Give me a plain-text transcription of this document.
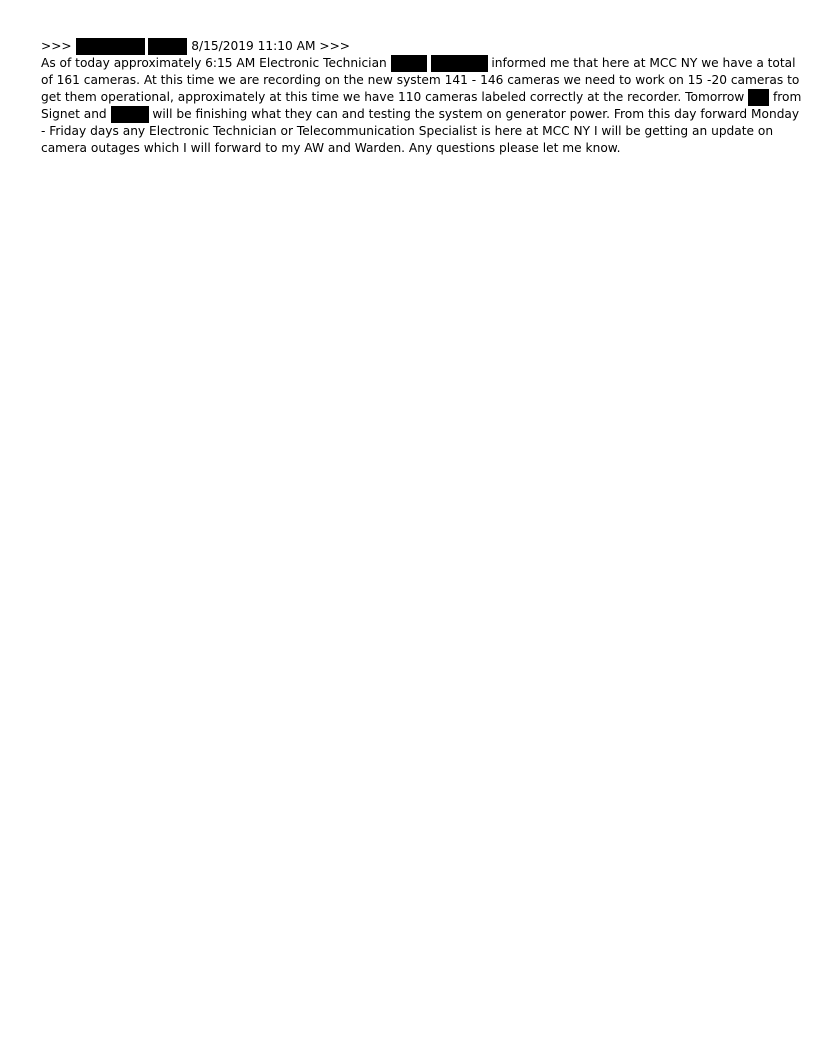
>>>	8/15/2019 11:10 AM >>>
As of today approximately 6:15 AM Electronic Technician	informed me that here at MCC NY we have a total
of 161 cameras. At this time we are recording on the new system 141 - 146 cameras we need to work on 15 -20 cameras to
get them operational, approximately at this time we have 110 cameras labeled correctly at the recorder. Tomorrow from
Signet and	will be finishing what they can and testing the system on generator power. From this day forward Monday
- Friday days any Electronic Technician or Telecommunication Specialist is here at MCC NY I will be getting an update on
camera outages which I will forward to my AW and Warden. Any questions please let me know.
